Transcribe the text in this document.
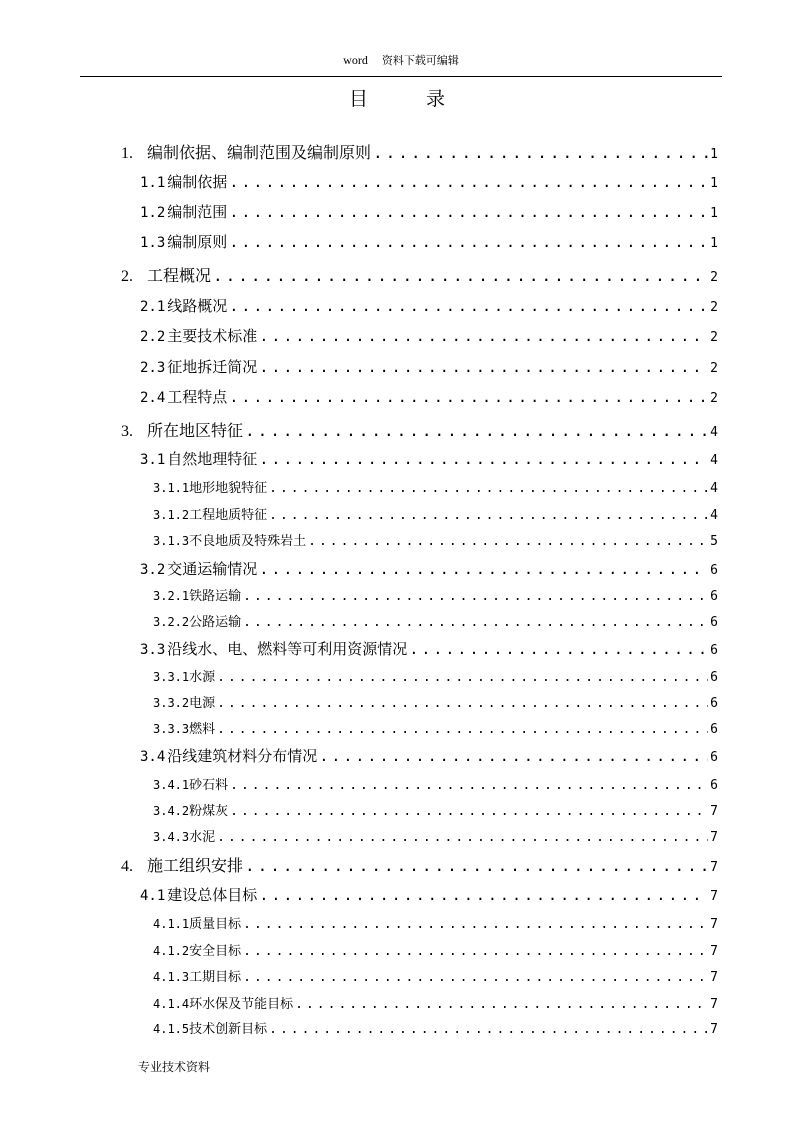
word 资料下载可编辑
目 录
1. 编制依据、编制范围及编制原则 .....	1
1.1 编制依据 .....	1
1.2 编制范围 .....	1
1.3 编制原则 .....	1
2. 工程概况 .....	2
2.1 线路概况 .....	2
2.2 主要技术标准 .....	2
2.3 征地拆迁简况 .....	2
2.4 工程特点 .....	2
3. 所在地区特征 .....	4
3.1 自然地理特征 .....	4
3.1.1地形地貌特征 .....	4
3.1.2工程地质特征 .....	4
3.1.3不良地质及特殊岩土 .....	5
3.2 交通运输情况 .....	6
3.2.1铁路运输 .....	6
3.2.2公路运输 .....	6
3.3 沿线水、电、燃料等可利用资源情况 .....	6
3.3.1水源 .....	6
3.3.2电源 .....	6
3.3.3燃料 .....	6
3.4 沿线建筑材料分布情况 .....	6
3.4.1砂石料 .....	6
3.4.2粉煤灰 .....	7
3.4.3水泥 .....	7
4. 施工组织安排 .....	7
4.1 建设总体目标 .....	7
4.1.1质量目标 .....	7
4.1.2安全目标 .....	7
4.1.3工期目标 .....	7
4.1.4环水保及节能目标 .....	7
4.1.5技术创新目标 .....	7
专业技术资料
